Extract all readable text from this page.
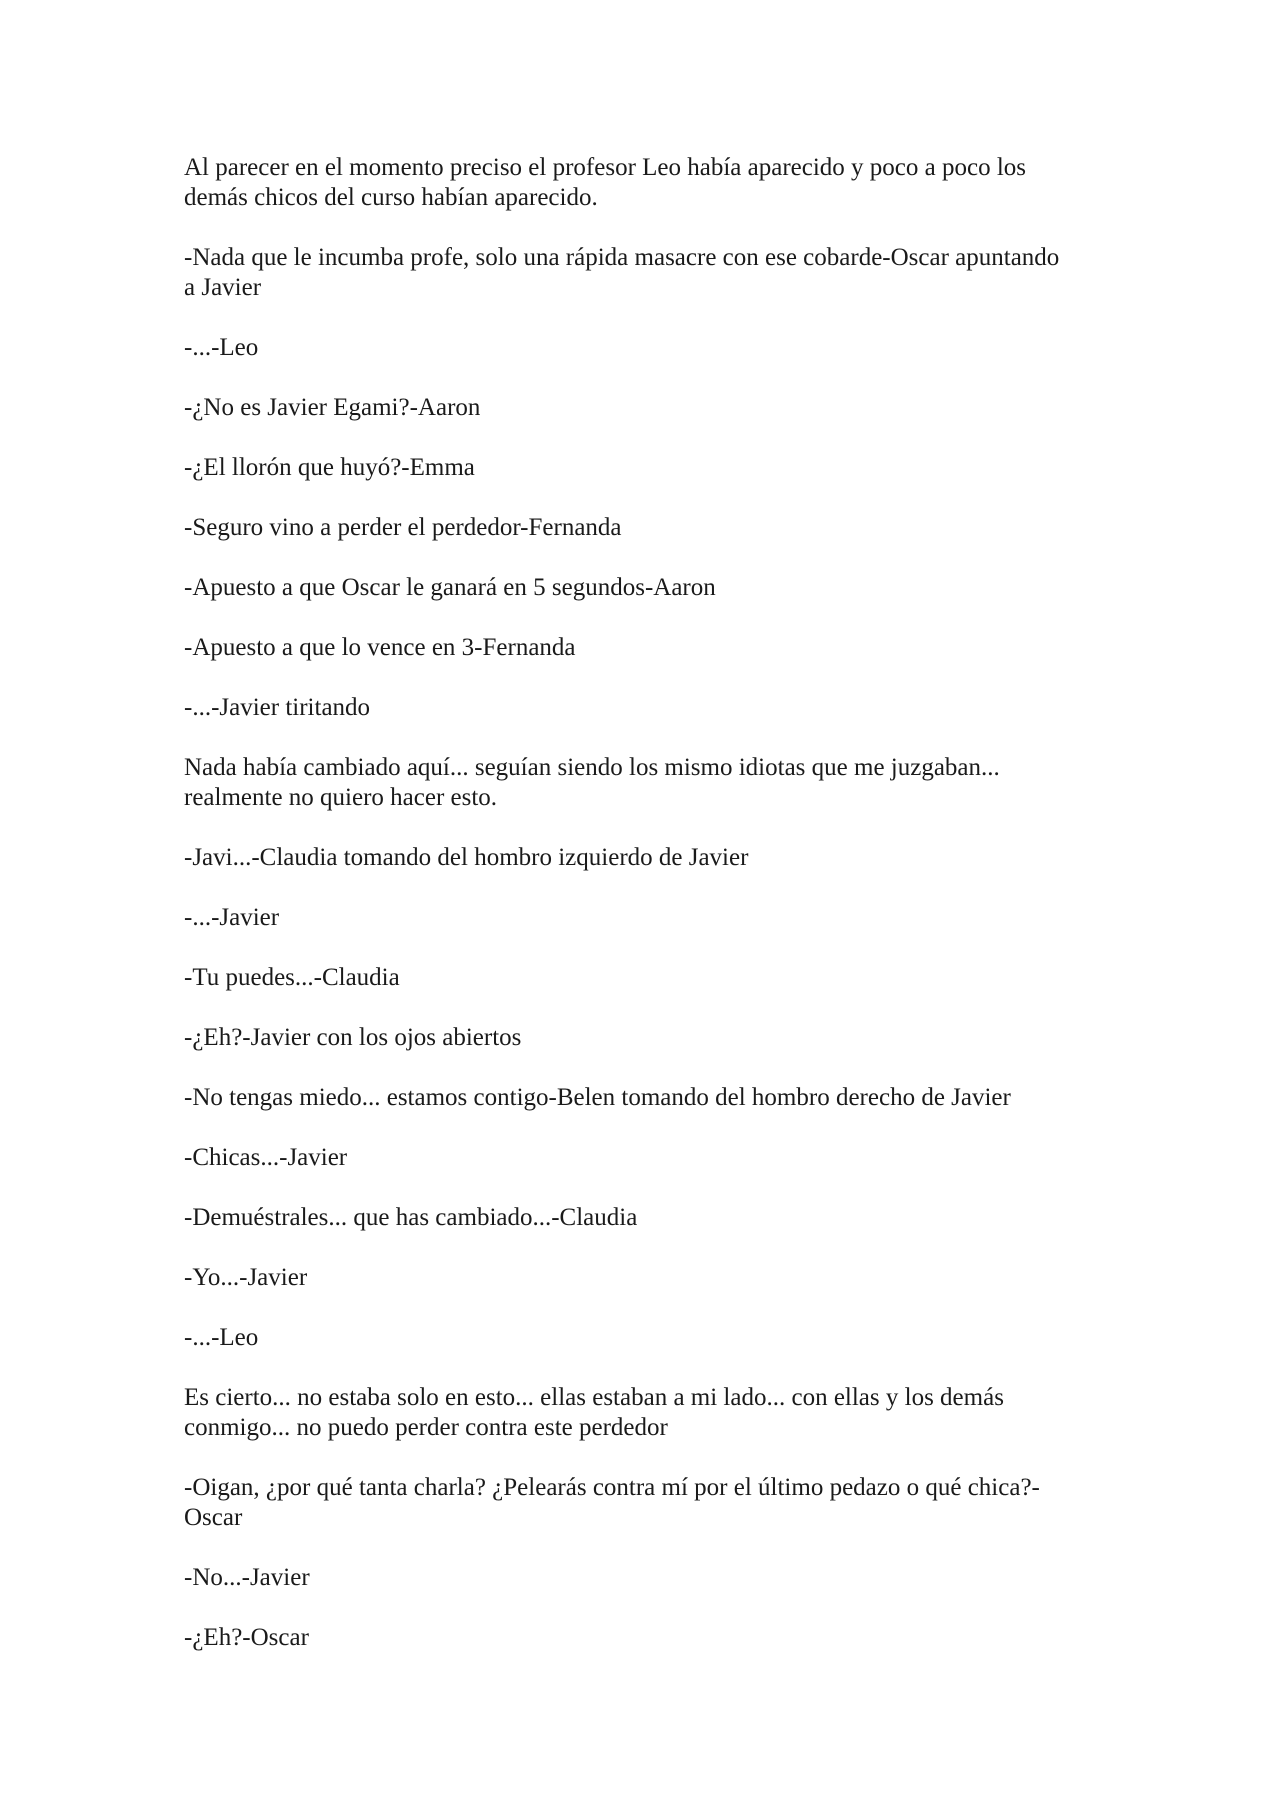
Al parecer en el momento preciso el profesor Leo había aparecido y poco a poco los
demás chicos del curso habían aparecido.

-Nada que le incumba profe, solo una rápida masacre con ese cobarde-Oscar apuntando
a Javier

-...-Leo

-¿No es Javier Egami?-Aaron

-¿El llorón que huyó?-Emma

-Seguro vino a perder el perdedor-Fernanda

-Apuesto a que Oscar le ganará en 5 segundos-Aaron

-Apuesto a que lo vence en 3-Fernanda

-...-Javier tiritando

Nada había cambiado aquí... seguían siendo los mismo idiotas que me juzgaban...
realmente no quiero hacer esto.

-Javi...-Claudia tomando del hombro izquierdo de Javier

-...-Javier

-Tu puedes...-Claudia

-¿Eh?-Javier con los ojos abiertos

-No tengas miedo... estamos contigo-Belen tomando del hombro derecho de Javier

-Chicas...-Javier

-Demuéstrales... que has cambiado...-Claudia

-Yo...-Javier

-...-Leo

Es cierto... no estaba solo en esto... ellas estaban a mi lado... con ellas y los demás
conmigo... no puedo perder contra este perdedor

-Oigan, ¿por qué tanta charla? ¿Pelearás contra mí por el último pedazo o qué chica?-
Oscar

-No...-Javier

-¿Eh?-Oscar
